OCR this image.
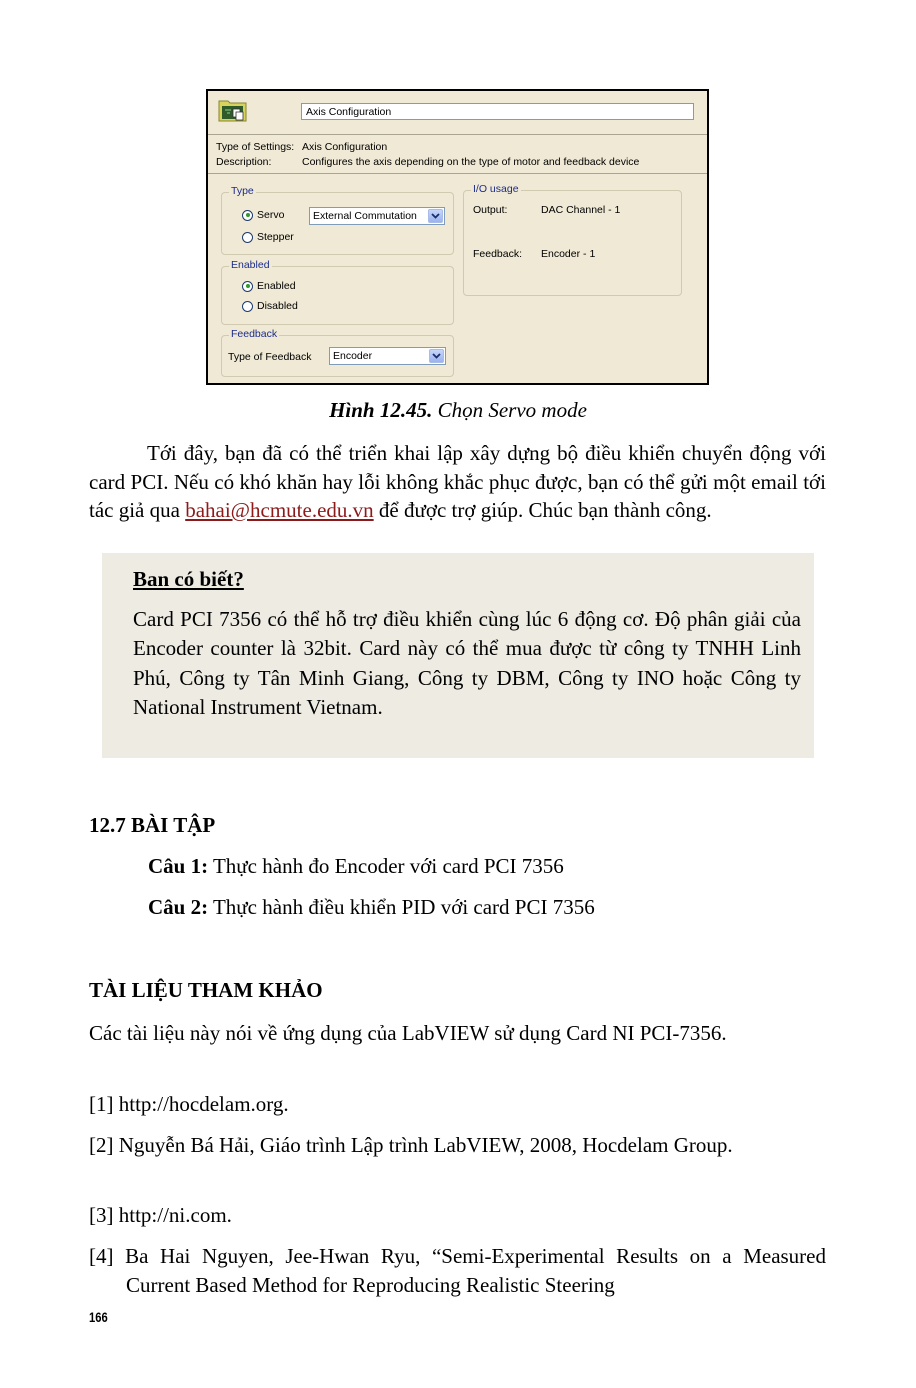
Axis Configuration
Type of Settings: Axis Configuration
Description:	Configures the axis depending on the type of motor and feedback device
Type
Servo
Stepper
External Commutation
Enabled
Enabled
Disabled
Feedback
Type of Feedback Encoder
I/O usage
Output:	DAC Channel - 1
Feedback:	Encoder - 1
Hình 12.45. Chọn Servo mode
Tới đây, bạn đã có thể triển khai lập xây dựng bộ điều khiển chuyển động với card PCI. Nếu có khó khăn hay lỗi không khắc phục được, bạn có thể gửi một email tới tác giả qua bahai@hcmute.edu.vn để được trợ giúp. Chúc bạn thành công.
Ban có biết?
Card PCI 7356 có thể hỗ trợ điều khiển cùng lúc 6 động cơ. Độ phân giải của Encoder counter là 32bit. Card này có thể mua được từ công ty TNHH Linh Phú, Công ty Tân Minh Giang, Công ty DBM, Công ty INO hoặc Công ty National Instrument Vietnam.
12.7 BÀI TẬP
Câu 1: Thực hành đo Encoder với card PCI 7356
Câu 2: Thực hành điều khiển PID với card PCI 7356
TÀI LIỆU THAM KHẢO
Các tài liệu này nói về ứng dụng của LabVIEW sử dụng Card NI PCI-7356.
[1] http://hocdelam.org.
[2] Nguyễn Bá Hải, Giáo trình Lập trình LabVIEW, 2008, Hocdelam Group.
[3] http://ni.com.
[4] Ba Hai Nguyen, Jee-Hwan Ryu, “Semi-Experimental Results on a Measured Current Based Method for Reproducing Realistic Steering
166
